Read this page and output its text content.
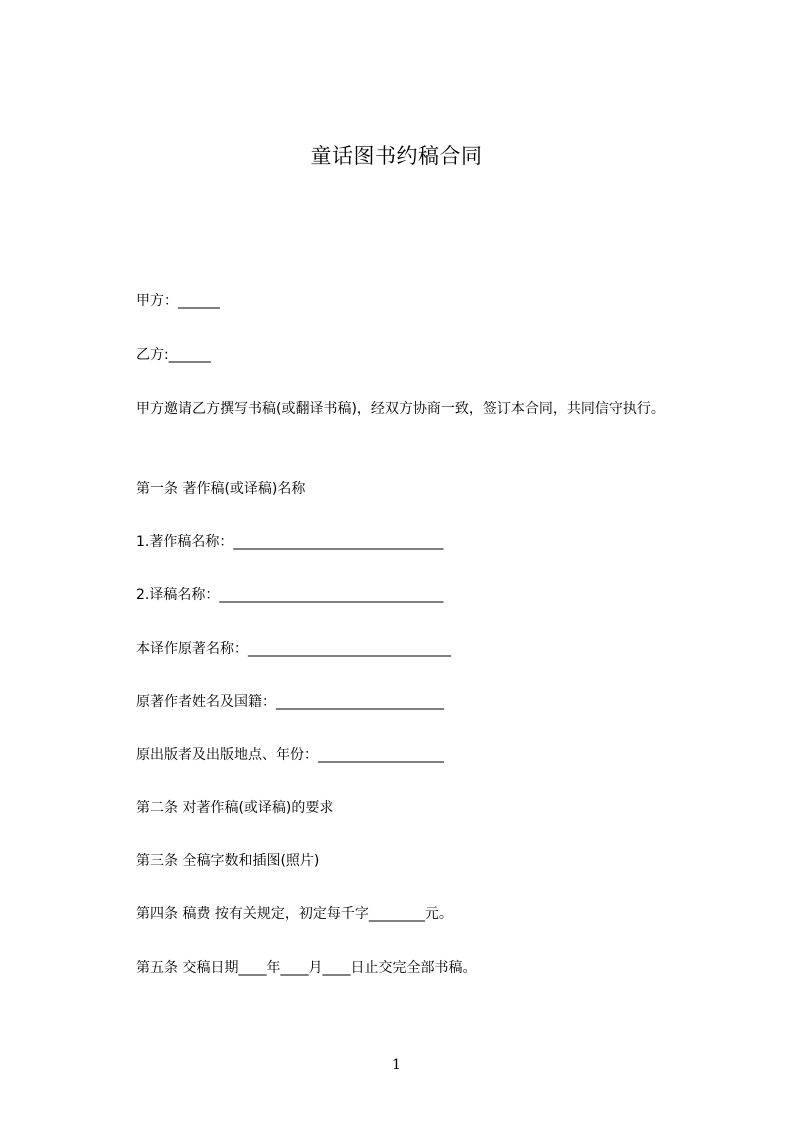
童话图书约稿合同
甲方：______
乙方:______
甲方邀请乙方撰写书稿(或翻译书稿)，经双方协商一致，签订本合同，共同信守执行。
第一条 著作稿(或译稿)名称
1.著作稿名称：______________________________
2.译稿名称：________________________________
本译作原著名称：_____________________________
原著作者姓名及国籍：________________________
原出版者及出版地点、年份：__________________
第二条 对著作稿(或译稿)的要求
第三条 全稿字数和插图(照片)
第四条 稿费 按有关规定，初定每千字________元。
第五条 交稿日期____年____月____日止交完全部书稿。
1
